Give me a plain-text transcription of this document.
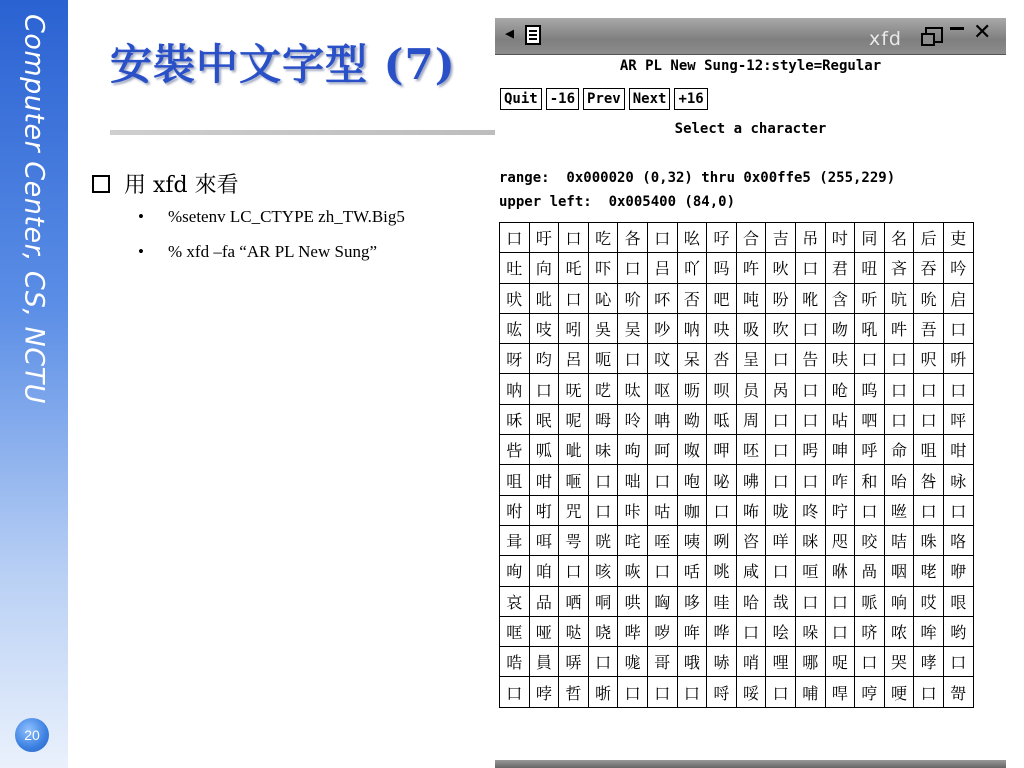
Computer Center, CS, NCTU
20
安裝中文字型 (7)
用 xfd 來看
• %setenv LC_CTYPE zh_TW.Big5
• % xfd –fa “AR PL New Sung”
◀	xfd	✕
AR PL New Sung-12:style=Regular
Quit -16 Prev Next +16
Select a character
range:  0x000020 (0,32) thru 0x00ffe5 (255,229)
upper left:  0x005400 (84,0)
口	吁	口	吃	各	口	吆	吇	合	吉	吊	吋	同	名	后	吏
吐	向	吒	吓	口	吕	吖	吗	吘	吙	口	君	吜	吝	吞	吟
吠	吡	口	吣	吤	吥	否	吧	吨	吩	吪	含	听	吭	吮	启
吰	吱	吲	吳	吴	吵	呐	吷	吸	吹	口	吻	吼	吽	吾	口
呀	呁	呂	呃	口	呅	呆	呇	呈	口	告	呋	口	口	呎	呏
呐	口	呒	呓	呔	呕	呖	呗	员	呙	口	呛	呜	口	口	口
咊	呡	呢	呣	呤	呥	呦	呧	周	口	口	呫	呬	口	口	呯
呰	呱	呲	味	呴	呵	呶	呷	呸	口	呺	呻	呼	命	咀	咁
咀	咁	咂	口	咄	口	咆	咇	咈	口	口	咋	和	咍	咎	咏
咐	咑	咒	口	咔	咕	咖	口	咘	咙	咚	咛	口	咝	口	口
咠	咡	咢	咣	咤	咥	咦	咧	咨	咩	咪	咫	咬	咭	咮	咯
咰	咱	口	咳	咴	口	咶	咷	咸	口	咺	咻	咼	咽	咾	咿
哀	品	哂	哃	哄	哅	哆	哇	哈	哉	口	口	哌	响	哎	哏
哐	哑	哒	哓	哔	哕	哖	哗	口	哙	哚	口	哜	哝	哞	哟
哠	員	哢	口	哤	哥	哦	哧	哨	哩	哪	哫	口	哭	哮	口
口	哱	哲	哳	口	口	口	哷	哸	口	哺	哻	哼	哽	口	哿
